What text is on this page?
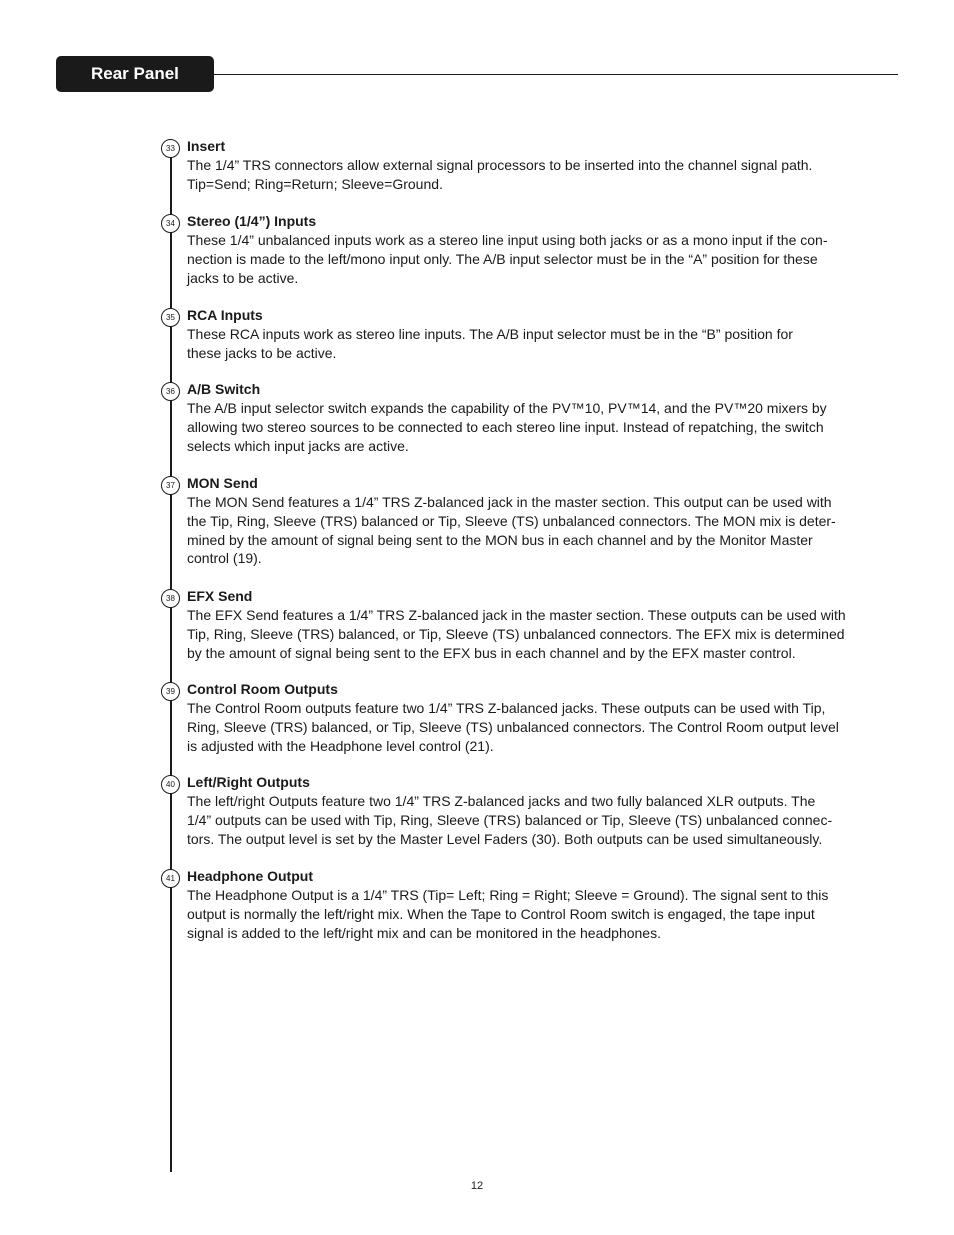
Rear Panel
33 Insert
The 1/4” TRS connectors allow external signal processors to be inserted into the channel signal path.
Tip=Send; Ring=Return; Sleeve=Ground.
34 Stereo (1/4”) Inputs
These 1/4” unbalanced inputs work as a stereo line input using both jacks or as a mono input if the con-
nection is made to the left/mono input only. The A/B input selector must be in the “A” position for these
jacks to be active.
35 RCA Inputs
These RCA inputs work as stereo line inputs. The A/B input selector must be in the “B” position for
these jacks to be active.
36 A/B Switch
The A/B input selector switch expands the capability of the PV™10, PV™14, and the PV™20 mixers by
allowing two stereo sources to be connected to each stereo line input. Instead of repatching, the switch
selects which input jacks are active.
37 MON Send
The MON Send features a 1/4” TRS Z-balanced jack in the master section. This output can be used with
the Tip, Ring, Sleeve (TRS) balanced or Tip, Sleeve (TS) unbalanced connectors. The MON mix is deter-
mined by the amount of signal being sent to the MON bus in each channel and by the Monitor Master
control (19).
38 EFX Send
The EFX Send features a 1/4” TRS Z-balanced jack in the master section. These outputs can be used with
Tip, Ring, Sleeve (TRS) balanced, or Tip, Sleeve (TS) unbalanced connectors. The EFX mix is determined
by the amount of signal being sent to the EFX bus in each channel and by the EFX master control.
39 Control Room Outputs
The Control Room outputs feature two 1/4” TRS Z-balanced jacks. These outputs can be used with Tip,
Ring, Sleeve (TRS) balanced, or Tip, Sleeve (TS) unbalanced connectors. The Control Room output level
is adjusted with the Headphone level control (21).
40 Left/Right Outputs
The left/right Outputs feature two 1/4” TRS Z-balanced jacks and two fully balanced XLR outputs. The
1/4” outputs can be used with Tip, Ring, Sleeve (TRS) balanced or Tip, Sleeve (TS) unbalanced connec-
tors. The output level is set by the Master Level Faders (30). Both outputs can be used simultaneously.
41 Headphone Output
The Headphone Output is a 1/4” TRS (Tip= Left; Ring = Right; Sleeve = Ground). The signal sent to this
output is normally the left/right mix. When the Tape to Control Room switch is engaged, the tape input
signal is added to the left/right mix and can be monitored in the headphones.
12
